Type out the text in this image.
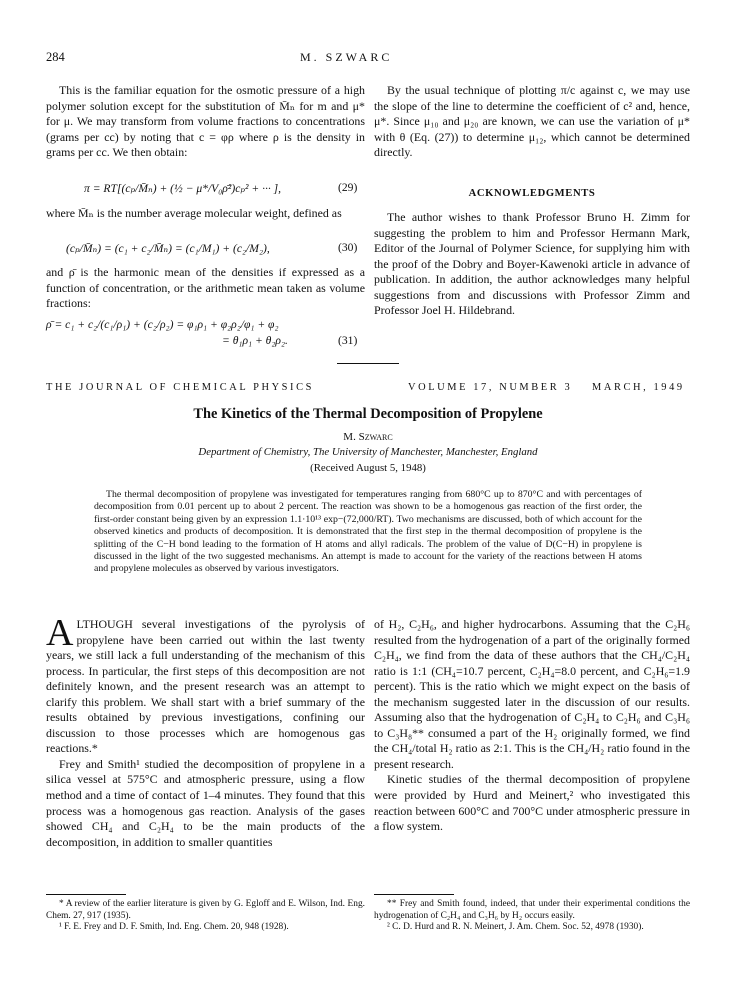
284	M. SZWARC

This is the familiar equation for the osmotic pressure of a high polymer solution except for the substitution of M̄ₙ for m and μ* for μ. We may transform from volume fractions to concentrations (grams per cc) by noting that c = φρ where ρ is the density in grams per cc. We then obtain:

π = RT[(cₚ/M̄ₙ) + (½ − μ*/V₀ρ̄²)cₚ² + ··· ],	(29)

where M̄ₙ is the number average molecular weight, defined as

(cₚ/M̄ₙ) = (c₁ + c₂/M̄ₙ) = (c₁/M₁) + (c₂/M₂),	(30)

and ρ̄ is the harmonic mean of the densities if expressed as a function of concentration, or the arithmetic mean taken as volume fractions:

ρ̄ = c₁ + c₂/(c₁/ρ₁) + (c₂/ρ₂) = φ₁ρ₁ + φ₂ρ₂/φ₁ + φ₂
= θ₁ρ₁ + θ₂ρ₂.	(31)

By the usual technique of plotting π/c against c, we may use the slope of the line to determine the coefficient of c² and, hence, μ*. Since μ₁₀ and μ₂₀ are known, we can use the variation of μ* with θ (Eq. (27)) to determine μ₁₂, which cannot be determined directly.

ACKNOWLEDGMENTS

The author wishes to thank Professor Bruno H. Zimm for suggesting the problem to him and Professor Hermann Mark, Editor of the Journal of Polymer Science, for supplying him with the proof of the Dobry and Boyer-Kawenoki article in advance of publication. In addition, the author acknowledges many helpful suggestions from and discussions with Professor Zimm and Professor Joel H. Hildebrand.

THE JOURNAL OF CHEMICAL PHYSICS	VOLUME 17, NUMBER 3 MARCH, 1949
The Kinetics of the Thermal Decomposition of Propylene
M. Szwarc
Department of Chemistry, The University of Manchester, Manchester, England
(Received August 5, 1948)
The thermal decomposition of propylene was investigated for temperatures ranging from 680°C up to 870°C and with percentages of decomposition from 0.01 percent up to about 2 percent. The reaction was shown to be a homogenous gas reaction of the first order, the first-order constant being given by an expression 1.1·10¹³ exp−(72,000/RT). Two mechanisms are discussed, both of which account for the observed kinetics and products of decomposition. It is demonstrated that the first step in the thermal decomposition of propylene is the splitting of the C−H bond leading to the formation of H atoms and allyl radicals. The problem of the value of D(C−H) in propylene is discussed in the light of the two suggested mechanisms. An attempt is made to account for the variety of the reactions between H atoms and propylene molecules as observed by various investigators.

ALTHOUGH several investigations of the pyrolysis of propylene have been carried out within the last twenty years, we still lack a full understanding of the mechanism of this process. In particular, the first steps of this decomposition are not definitely known, and the present research was an attempt to clarify this problem. We shall start with a brief summary of the results obtained by previous investigations, confining our discussion to those processes which are homogenous gas reactions.*

Frey and Smith¹ studied the decomposition of propylene in a silica vessel at 575°C and atmospheric pressure, using a flow method and a time of contact of 1–4 minutes. They found that this process was a homogenous gas reaction. Analysis of the gases showed CH₄ and C₂H₄ to be the main products of the decomposition, in addition to smaller quantities

of H₂, C₂H₆, and higher hydrocarbons. Assuming that the C₂H₆ resulted from the hydrogenation of a part of the originally formed C₂H₄, we find from the data of these authors that the CH₄/C₂H₄ ratio is 1:1 (CH₄=10.7 percent, C₂H₄=8.0 percent, and C₂H₆=1.9 percent). This is the ratio which we might expect on the basis of the mechanism suggested later in the discussion of our results. Assuming also that the hydrogenation of C₂H₄ to C₂H₆ and C₃H₆ to C₃H₈** consumed a part of the H₂ originally formed, we find the CH₄/total H₂ ratio as 2:1. This is the CH₄/H₂ ratio found in the present research.

Kinetic studies of the thermal decomposition of propylene were provided by Hurd and Meinert,² who investigated this reaction between 600°C and 700°C under atmospheric pressure in a flow system.

* A review of the earlier literature is given by G. Egloff and E. Wilson, Ind. Eng. Chem. 27, 917 (1935).

¹ F. E. Frey and D. F. Smith, Ind. Eng. Chem. 20, 948 (1928).

** Frey and Smith found, indeed, that under their experimental conditions the hydrogenation of C₂H₄ and C₃H₆ by H₂ occurs easily.

² C. D. Hurd and R. N. Meinert, J. Am. Chem. Soc. 52, 4978 (1930).
